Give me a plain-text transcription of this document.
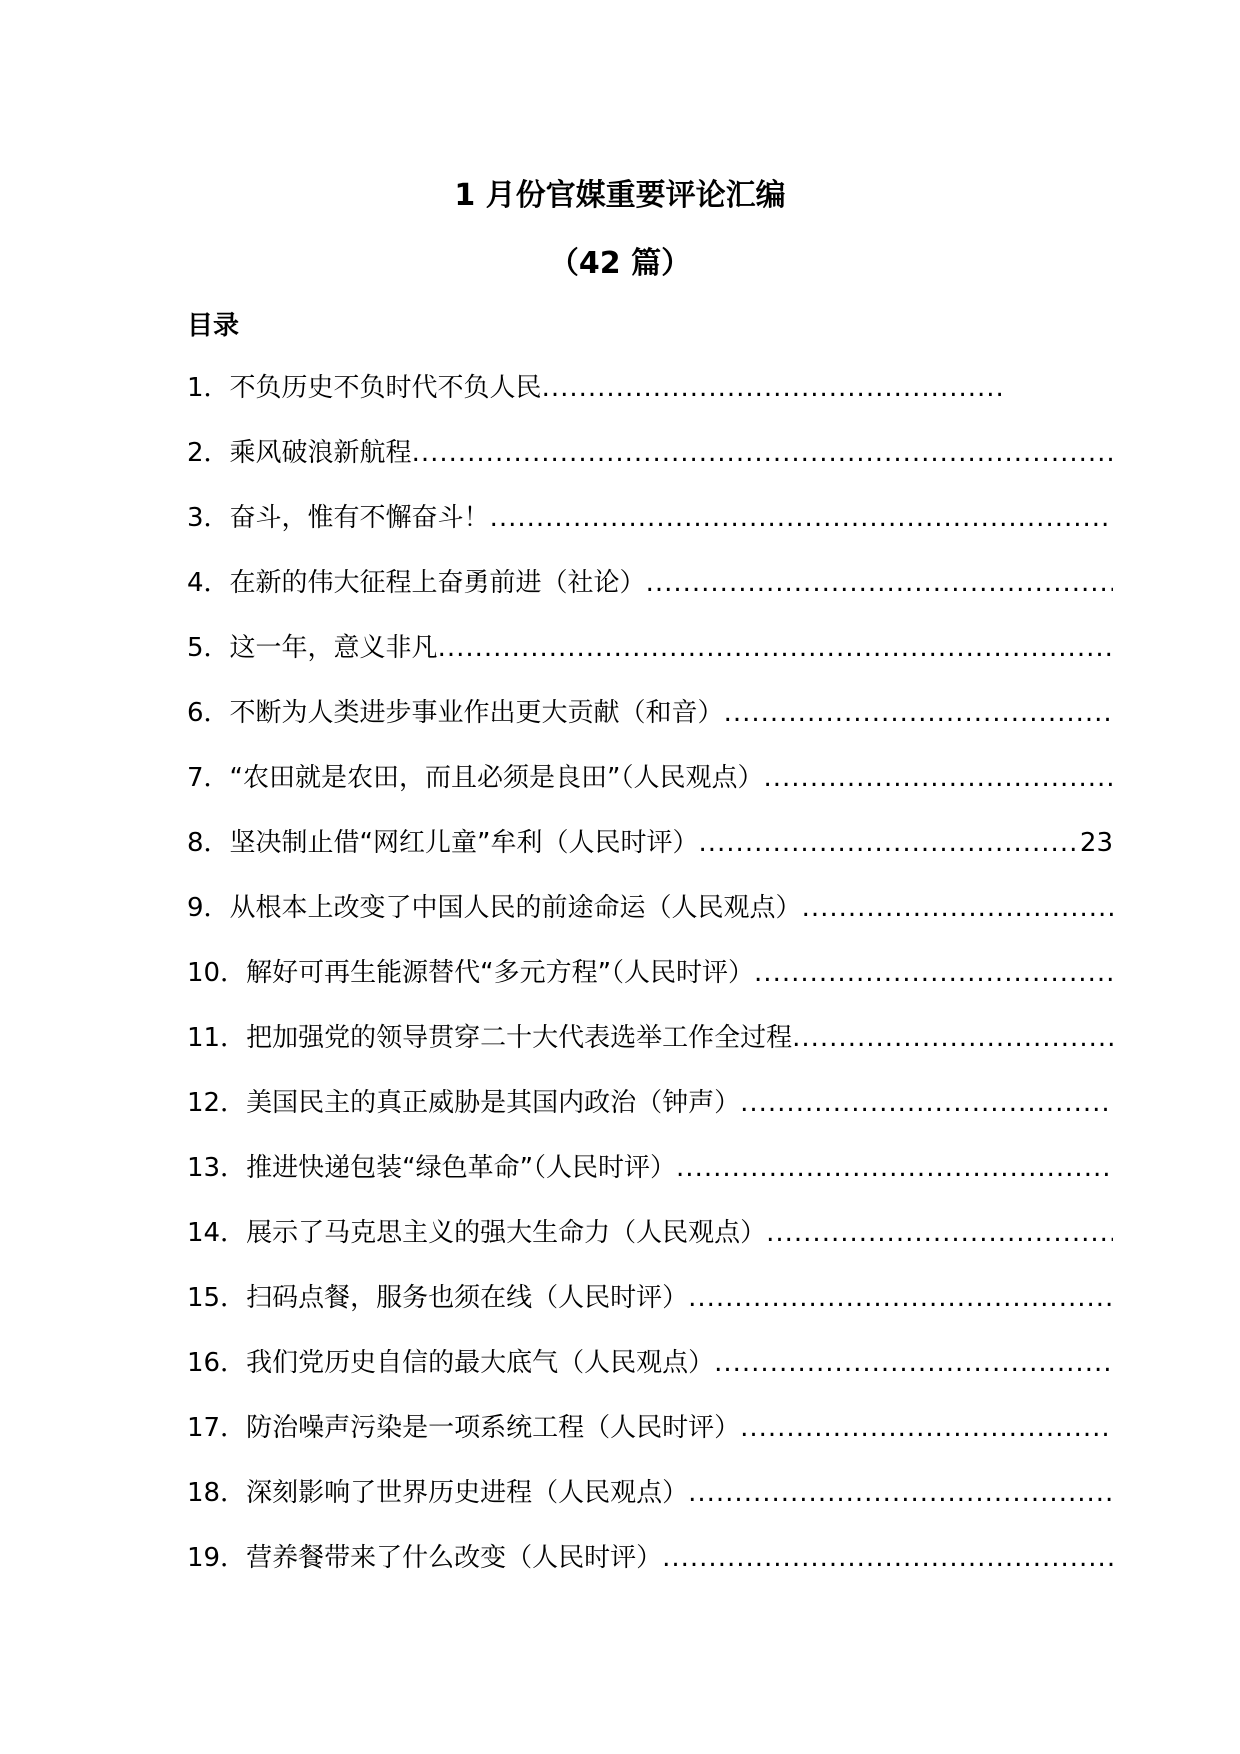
1 月份官媒重要评论汇编
（42 篇）
目录
1． 不负历史不负时代不负人民
.....
2． 乘风破浪新航程
.....
3． 奋斗，惟有不懈奋斗！
.....
4． 在新的伟大征程上奋勇前进（社论）
.....
5． 这一年，意义非凡
.....
6． 不断为人类进步事业作出更大贡献（和音）
.....
7． “农田就是农田，而且必须是良田”（人民观点）
.....
8． 坚决制止借“网红儿童”牟利（人民时评）
.....	23
9． 从根本上改变了中国人民的前途命运（人民观点）
.....
10． 解好可再生能源替代“多元方程”（人民时评）
.....
11． 把加强党的领导贯穿二十大代表选举工作全过程
.....
12． 美国民主的真正威胁是其国内政治（钟声）
.....
13． 推进快递包装“绿色革命”（人民时评）
.....
14． 展示了马克思主义的强大生命力（人民观点）
.....
15． 扫码点餐，服务也须在线（人民时评）
.....
16． 我们党历史自信的最大底气（人民观点）
.....
17． 防治噪声污染是一项系统工程（人民时评）
.....
18． 深刻影响了世界历史进程（人民观点）
.....
19． 营养餐带来了什么改变（人民时评）
.....
